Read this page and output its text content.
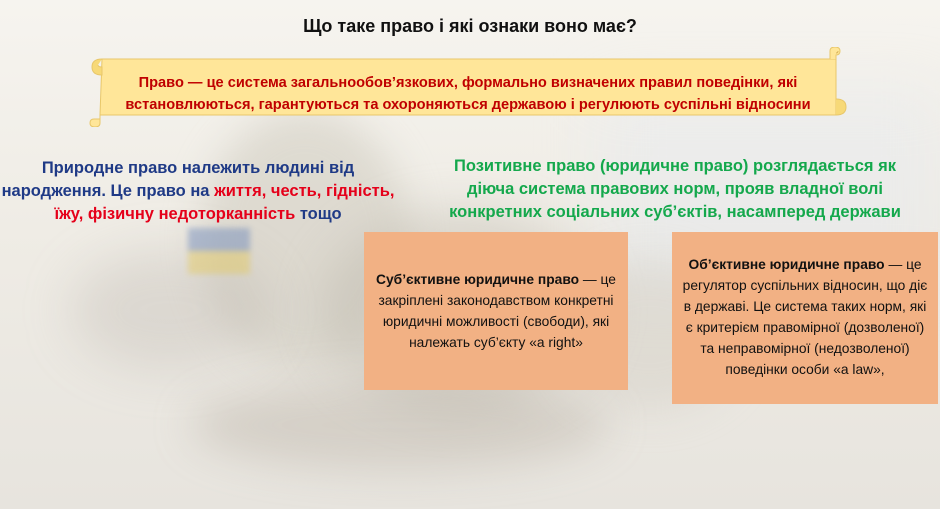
Що таке право і які ознаки воно має?
Право — це система загальнообов’язкових, формально визначених правил поведінки, які встановлюються, гарантуються та охороняються державою і регулюють суспільні відносини
Природне право належить людині від народження. Це право на життя, честь, гідність, їжу, фізичну недоторканність тощо
Позитивне право (юридичне право) розглядається як діюча система правових норм, прояв владної волі конкретних соціальних суб’єктів, насамперед держави
Суб’єктивне юридичне право — це закріплені законодавством конкретні юридичні можливості (свободи), які належать суб’єкту «a right»
Об’єктивне юридичне право — це регулятор суспільних відносин, що діє в державі. Це система таких норм, які є критерієм правомірної (дозволеної) та неправомірної (недозволеної) поведінки особи «a law»,
